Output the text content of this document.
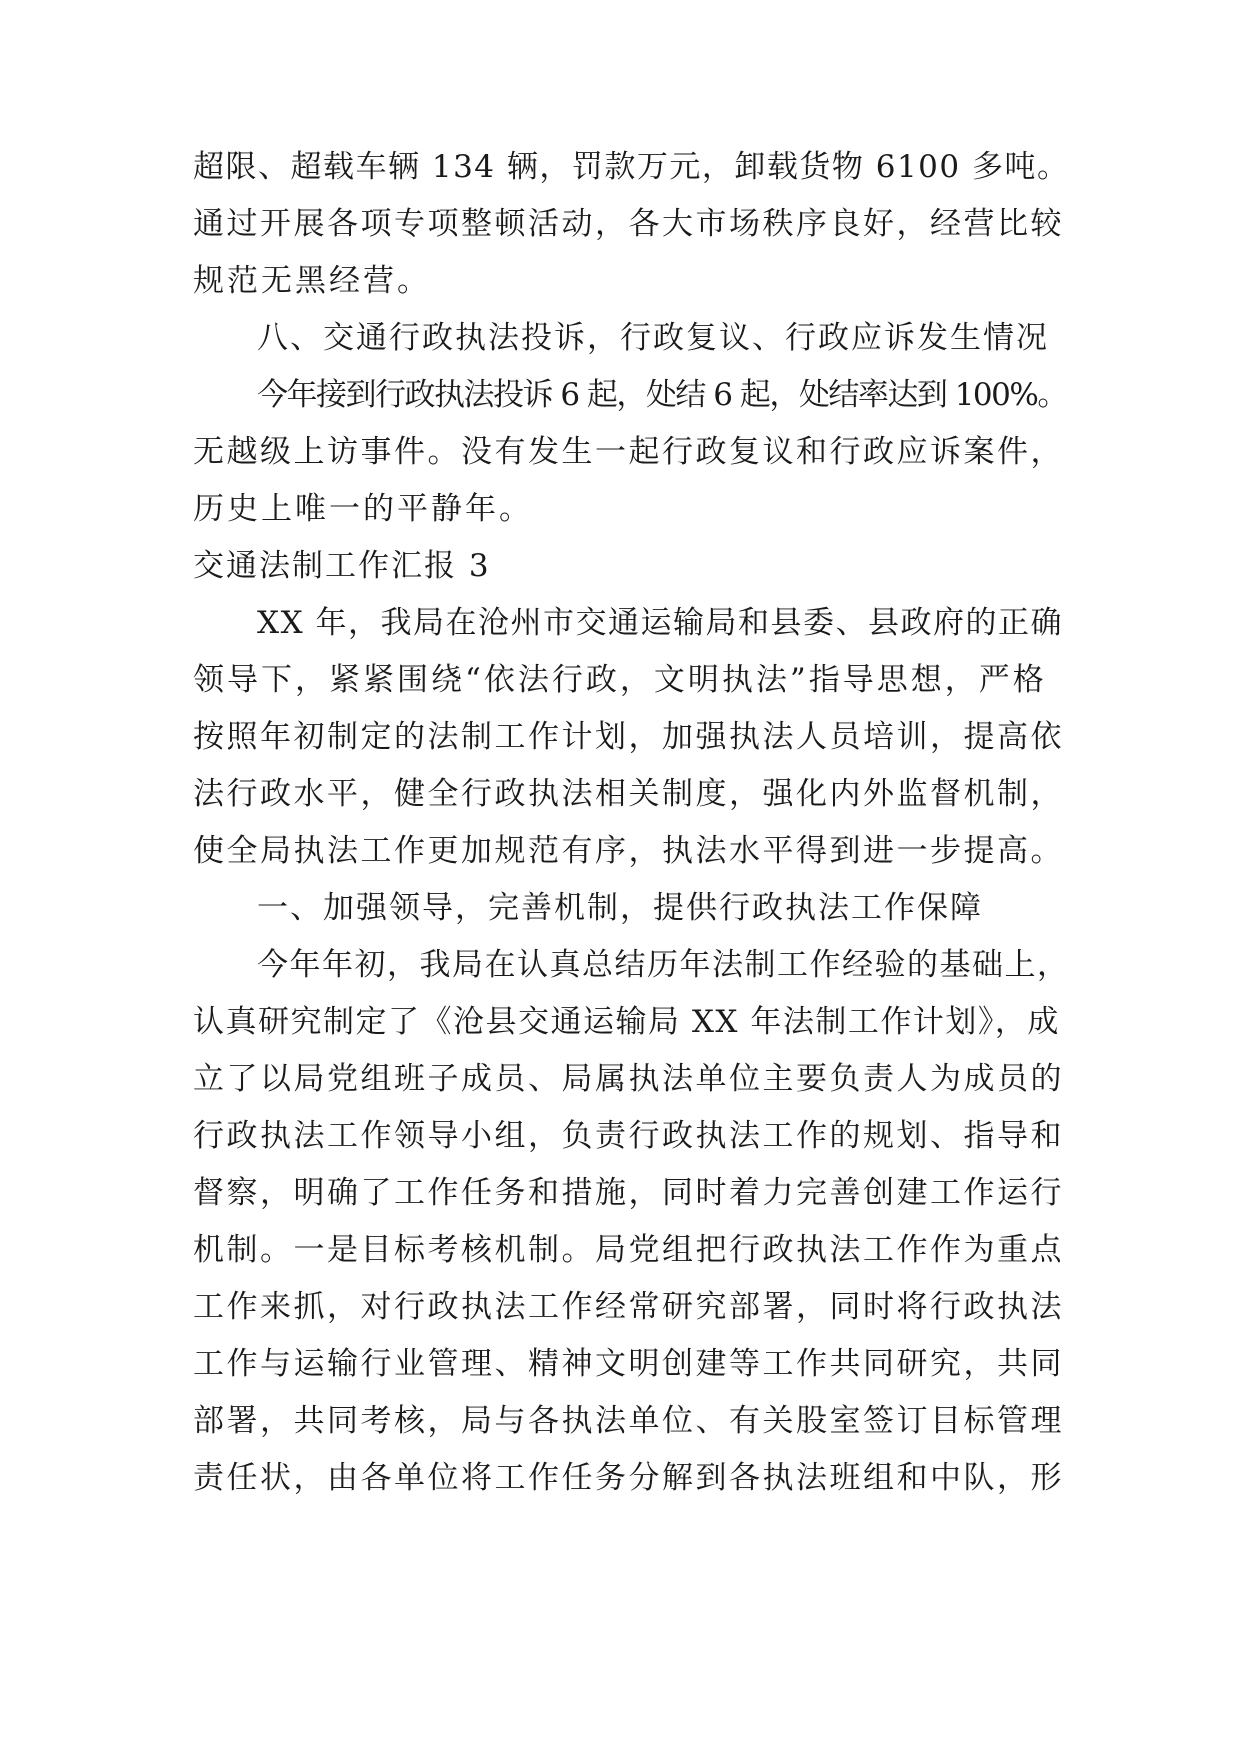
超限、超载车辆 134 辆，罚款万元，卸载货物 6100 多吨。
通过开展各项专项整顿活动，各大市场秩序良好，经营比较
规范无黑经营。
八、交通行政执法投诉，行政复议、行政应诉发生情况
今年接到行政执法投诉 6 起，处结 6 起，处结率达到 100%。
无越级上访事件。没有发生一起行政复议和行政应诉案件，
历史上唯一的平静年。
交通法制工作汇报 3
XX 年，我局在沧州市交通运输局和县委、县政府的正确
领导下，紧紧围绕“依法行政，文明执法”指导思想，严格
按照年初制定的法制工作计划，加强执法人员培训，提高依
法行政水平，健全行政执法相关制度，强化内外监督机制，
使全局执法工作更加规范有序，执法水平得到进一步提高。
一、加强领导，完善机制，提供行政执法工作保障
今年年初，我局在认真总结历年法制工作经验的基础上，
认真研究制定了《沧县交通运输局 XX 年法制工作计划》，成
立了以局党组班子成员、局属执法单位主要负责人为成员的
行政执法工作领导小组，负责行政执法工作的规划、指导和
督察，明确了工作任务和措施，同时着力完善创建工作运行
机制。一是目标考核机制。局党组把行政执法工作作为重点
工作来抓，对行政执法工作经常研究部署，同时将行政执法
工作与运输行业管理、精神文明创建等工作共同研究，共同
部署，共同考核，局与各执法单位、有关股室签订目标管理
责任状，由各单位将工作任务分解到各执法班组和中队，形
